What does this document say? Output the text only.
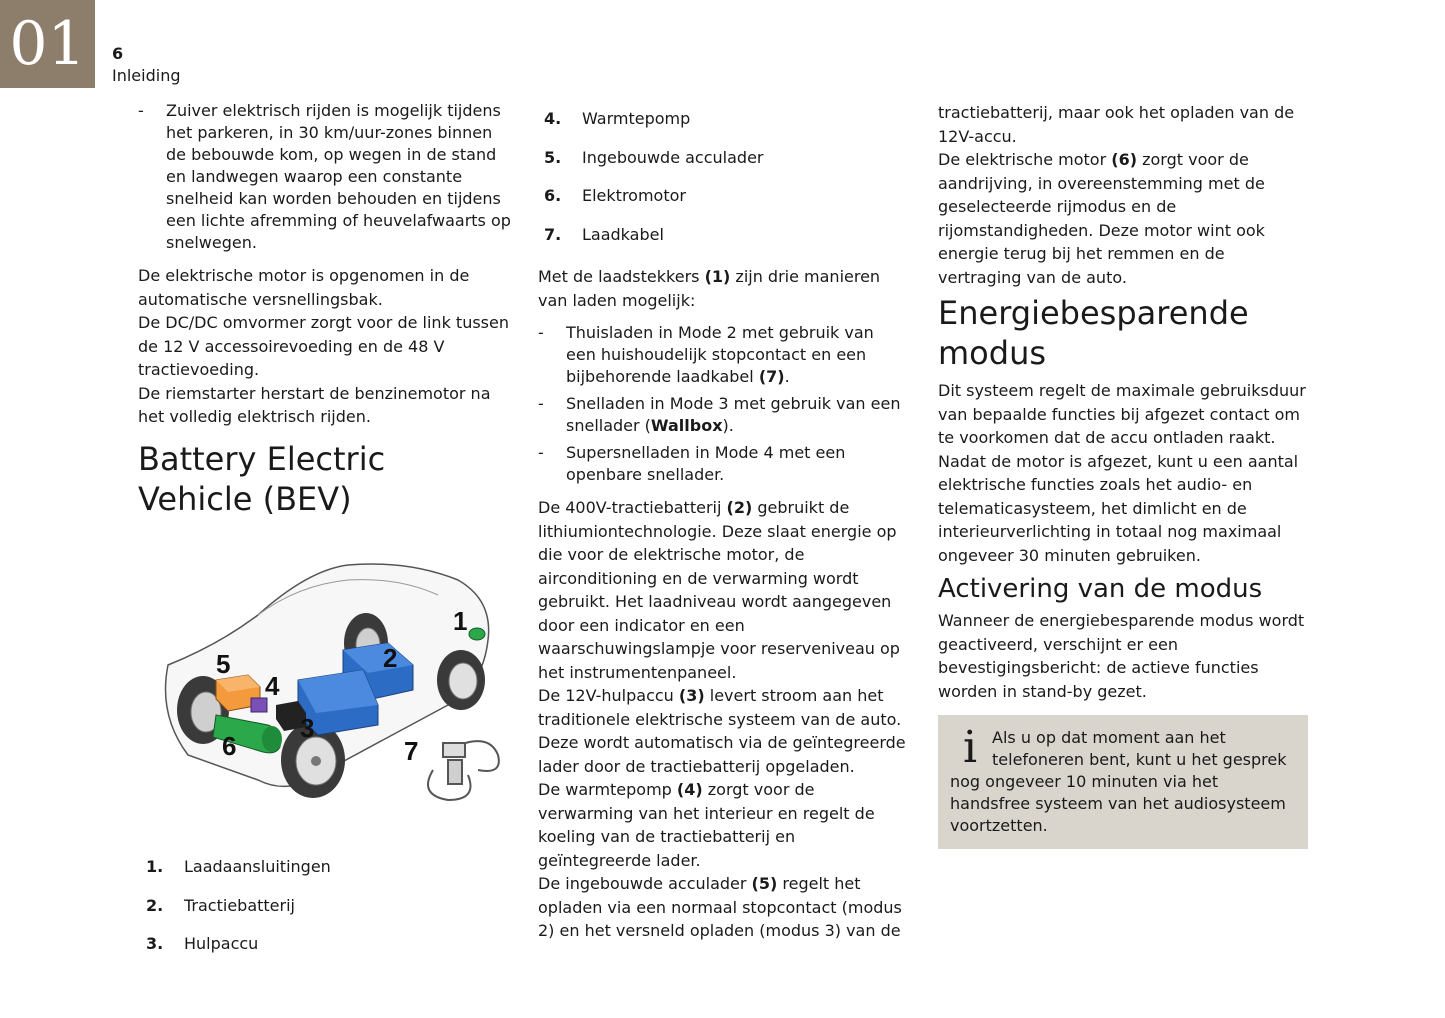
01	6
Inleiding
- Zuiver elektrisch rijden is mogelijk tijdens het parkeren, in 30 km/uur-zones binnen de bebouwde kom, op wegen in de stand en landwegen waarop een constante snelheid kan worden behouden en tijdens een lichte afremming of heuvelafwaarts op snelwegen.

De elektrische motor is opgenomen in de automatische versnellingsbak.

De DC/DC omvormer zorgt voor de link tussen de 12 V accessoirevoeding en de 48 V tractievoeding.

De riemstarter herstart de benzinemotor na het volledig elektrisch rijden.

Battery Electric Vehicle (BEV)
1
2
3
4
5
6	7
1.	Laadaansluitingen
2.	Tractiebatterij
3.	Hulpaccu
4.	Warmtepomp
5.	Ingebouwde acculader
6.	Elektromotor
7.	Laadkabel

Met de laadstekkers (1) zijn drie manieren van laden mogelijk:

- Thuisladen in Mode 2 met gebruik van een huishoudelijk stopcontact en een bijbehorende laadkabel (7).
- Snelladen in Mode 3 met gebruik van een snellader (Wallbox).
- Supersnelladen in Mode 4 met een openbare snellader.

De 400V-tractiebatterij (2) gebruikt de lithiumiontechnologie. Deze slaat energie op die voor de elektrische motor, de airconditioning en de verwarming wordt gebruikt. Het laadniveau wordt aangegeven door een indicator en een waarschuwingslampje voor reserveniveau op het instrumentenpaneel.

De 12V-hulpaccu (3) levert stroom aan het traditionele elektrische systeem van de auto. Deze wordt automatisch via de geïntegreerde lader door de tractiebatterij opgeladen.

De warmtepomp (4) zorgt voor de verwarming van het interieur en regelt de koeling van de tractiebatterij en geïntegreerde lader.

De ingebouwde acculader (5) regelt het opladen via een normaal stopcontact (modus 2) en het versneld opladen (modus 3) van de

tractiebatterij, maar ook het opladen van de 12V-accu.

De elektrische motor (6) zorgt voor de aandrijving, in overeenstemming met de geselecteerde rijmodus en de rijomstandigheden. Deze motor wint ook energie terug bij het remmen en de vertraging van de auto.

Energiebesparende modus

Dit systeem regelt de maximale gebruiksduur van bepaalde functies bij afgezet contact om te voorkomen dat de accu ontladen raakt.

Nadat de motor is afgezet, kunt u een aantal elektrische functies zoals het audio- en telematicasysteem, het dimlicht en de interieurverlichting in totaal nog maximaal ongeveer 30 minuten gebruiken.

Activering van de modus

Wanneer de energiebesparende modus wordt geactiveerd, verschijnt er een bevestigingsbericht: de actieve functies worden in stand-by gezet.

i Als u op dat moment aan het telefoneren bent, kunt u het gesprek nog ongeveer 10 minuten via het handsfree systeem van het audiosysteem voortzetten.
